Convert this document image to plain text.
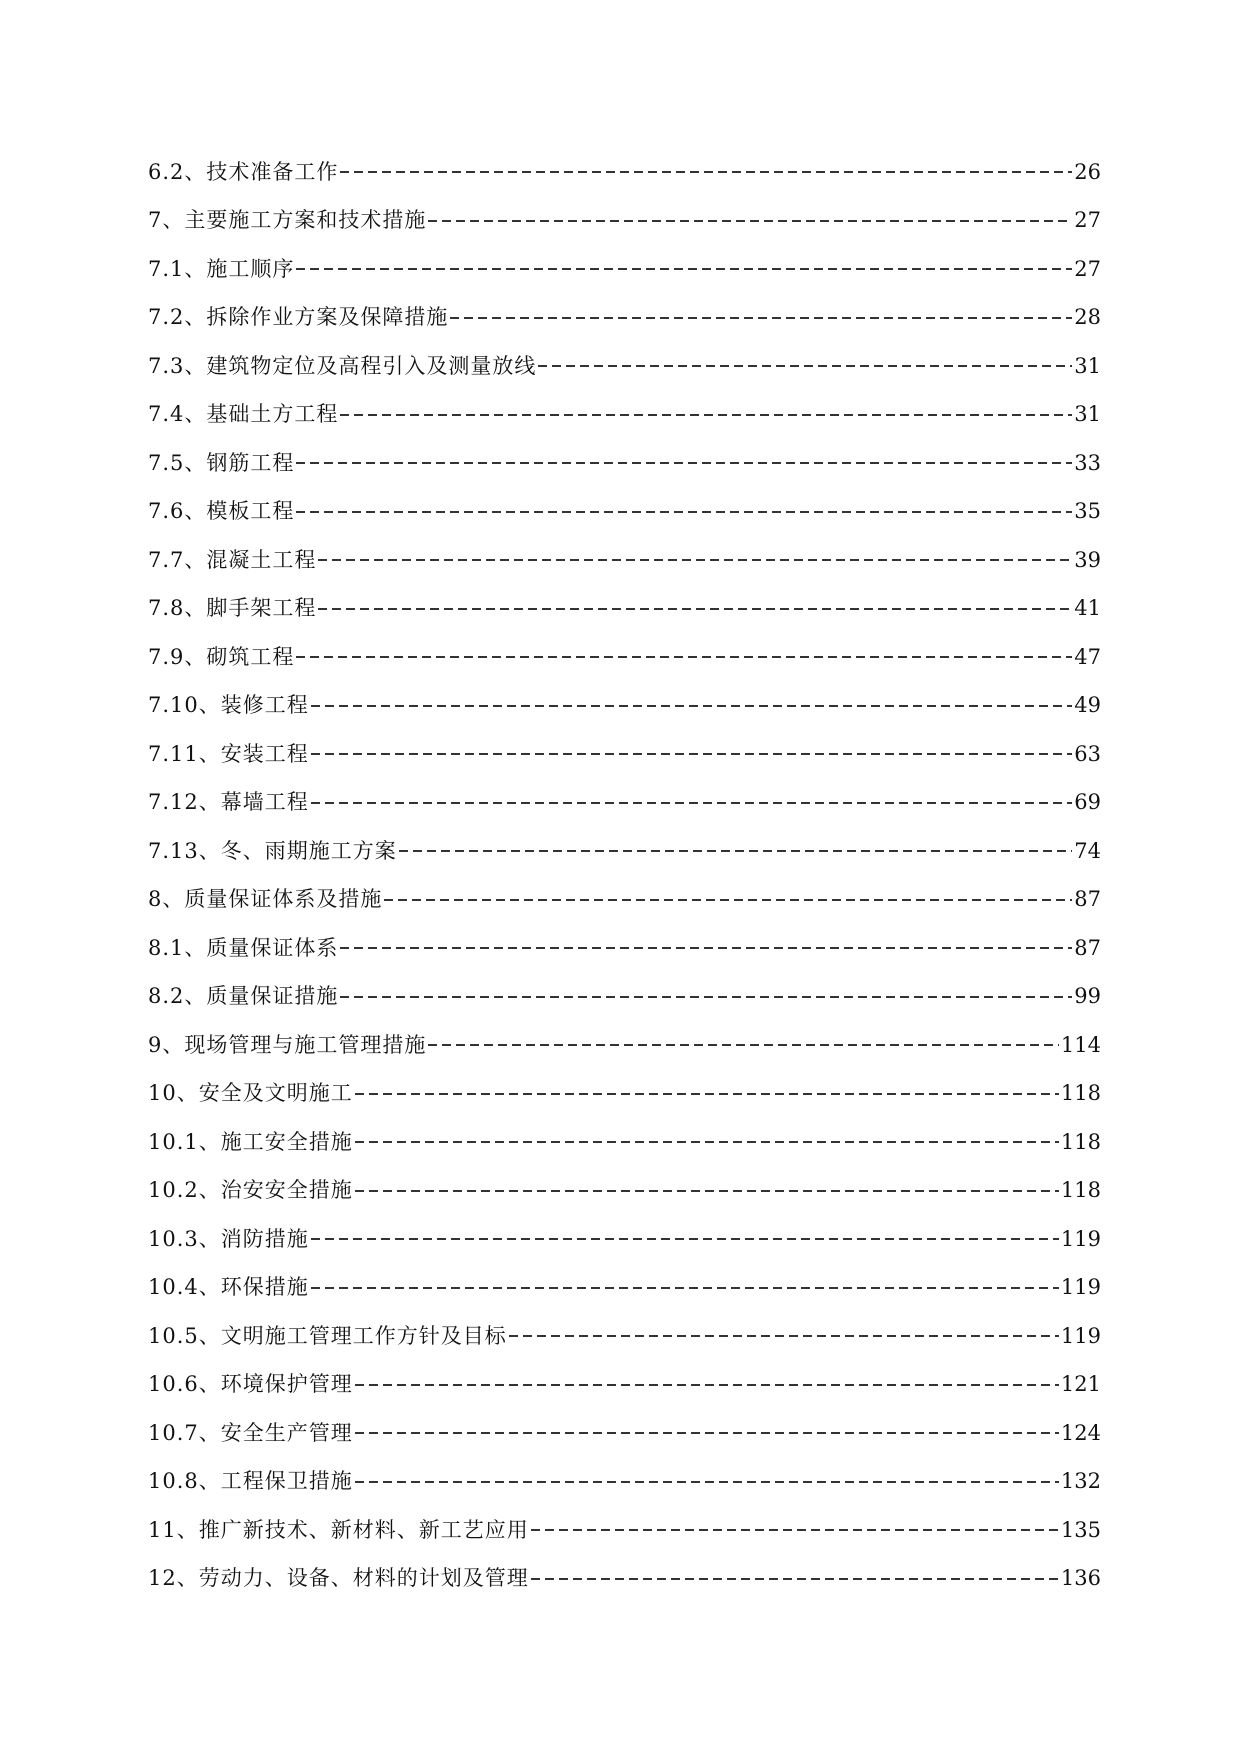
6.2、技术准备工作	26
7、主要施工方案和技术措施	27
7.1、施工顺序	27
7.2、拆除作业方案及保障措施	28
7.3、建筑物定位及高程引入及测量放线	31
7.4、基础土方工程	31
7.5、钢筋工程	33
7.6、模板工程	35
7.7、混凝土工程	39
7.8、脚手架工程	41
7.9、砌筑工程	47
7.10、装修工程	49
7.11、安装工程	63
7.12、幕墙工程	69
7.13、冬、雨期施工方案	74
8、质量保证体系及措施	87
8.1、质量保证体系	87
8.2、质量保证措施	99
9、现场管理与施工管理措施	114
10、安全及文明施工	118
10.1、施工安全措施	118
10.2、治安安全措施	118
10.3、消防措施	119
10.4、环保措施	119
10.5、文明施工管理工作方针及目标	119
10.6、环境保护管理	121
10.7、安全生产管理	124
10.8、工程保卫措施	132
11、推广新技术、新材料、新工艺应用	135
12、劳动力、设备、材料的计划及管理	136
